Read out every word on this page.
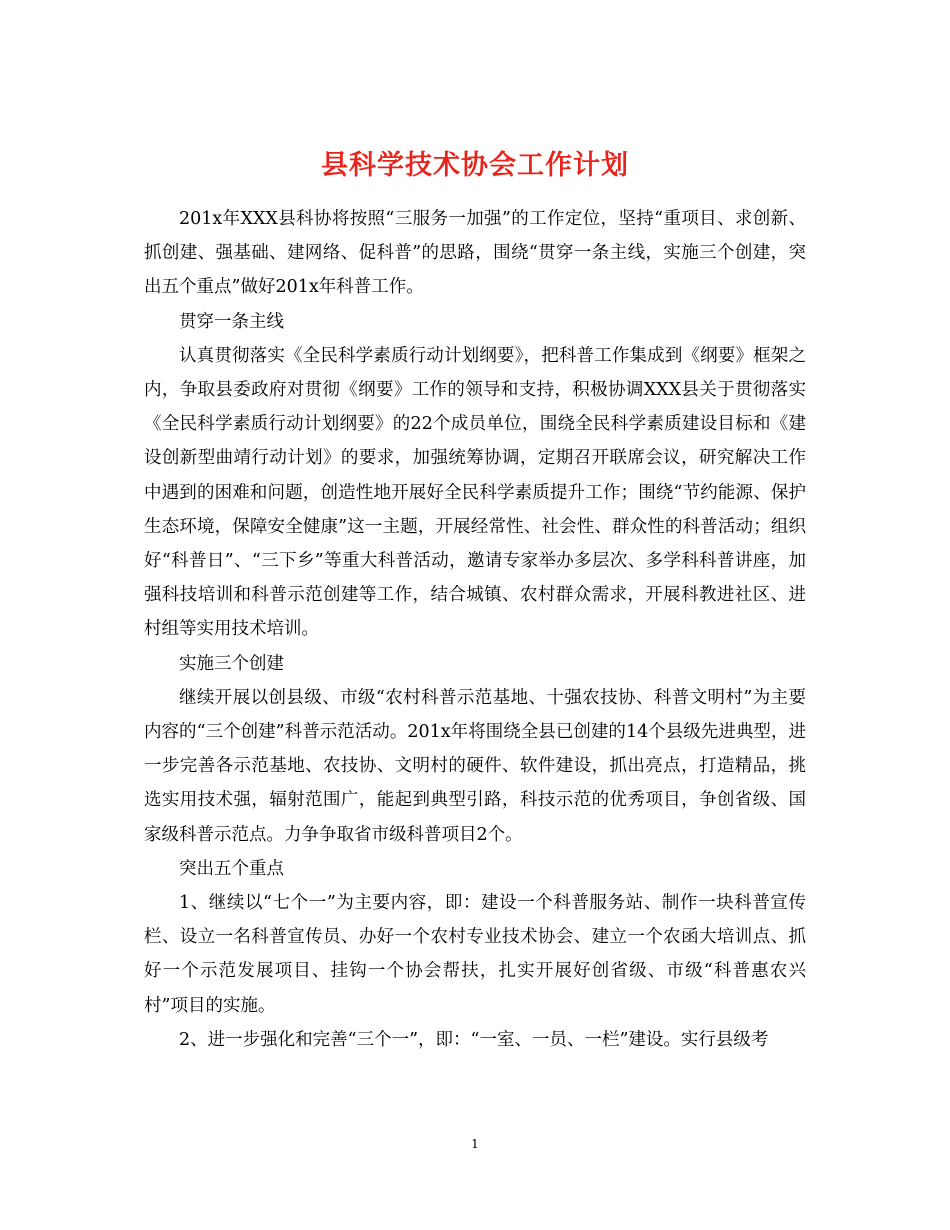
县科学技术协会工作计划

201x年XXX县科协将按照“三服务一加强”的工作定位，坚持“重项目、求创新、抓创建、强基础、建网络、促科普”的思路，围绕“贯穿一条主线，实施三个创建，突出五个重点”做好201x年科普工作。

贯穿一条主线

认真贯彻落实《全民科学素质行动计划纲要》，把科普工作集成到《纲要》框架之内，争取县委政府对贯彻《纲要》工作的领导和支持，积极协调XXX县关于贯彻落实《全民科学素质行动计划纲要》的22个成员单位，围绕全民科学素质建设目标和《建设创新型曲靖行动计划》的要求，加强统筹协调，定期召开联席会议，研究解决工作中遇到的困难和问题，创造性地开展好全民科学素质提升工作；围绕“节约能源、保护生态环境，保障安全健康”这一主题，开展经常性、社会性、群众性的科普活动；组织好“科普日”、“三下乡”等重大科普活动，邀请专家举办多层次、多学科科普讲座，加强科技培训和科普示范创建等工作，结合城镇、农村群众需求，开展科教进社区、进村组等实用技术培训。

实施三个创建

继续开展以创县级、市级“农村科普示范基地、十强农技协、科普文明村”为主要内容的“三个创建”科普示范活动。201x年将围绕全县已创建的14个县级先进典型，进一步完善各示范基地、农技协、文明村的硬件、软件建设，抓出亮点，打造精品，挑选实用技术强，辐射范围广，能起到典型引路，科技示范的优秀项目，争创省级、国家级科普示范点。力争争取省市级科普项目2个。

突出五个重点

1、继续以“七个一”为主要内容，即：建设一个科普服务站、制作一块科普宣传栏、设立一名科普宣传员、办好一个农村专业技术协会、建立一个农函大培训点、抓好一个示范发展项目、挂钩一个协会帮扶，扎实开展好创省级、市级“科普惠农兴村”项目的实施。

2、进一步强化和完善“三个一”，即：“一室、一员、一栏”建设。实行县级考

1
